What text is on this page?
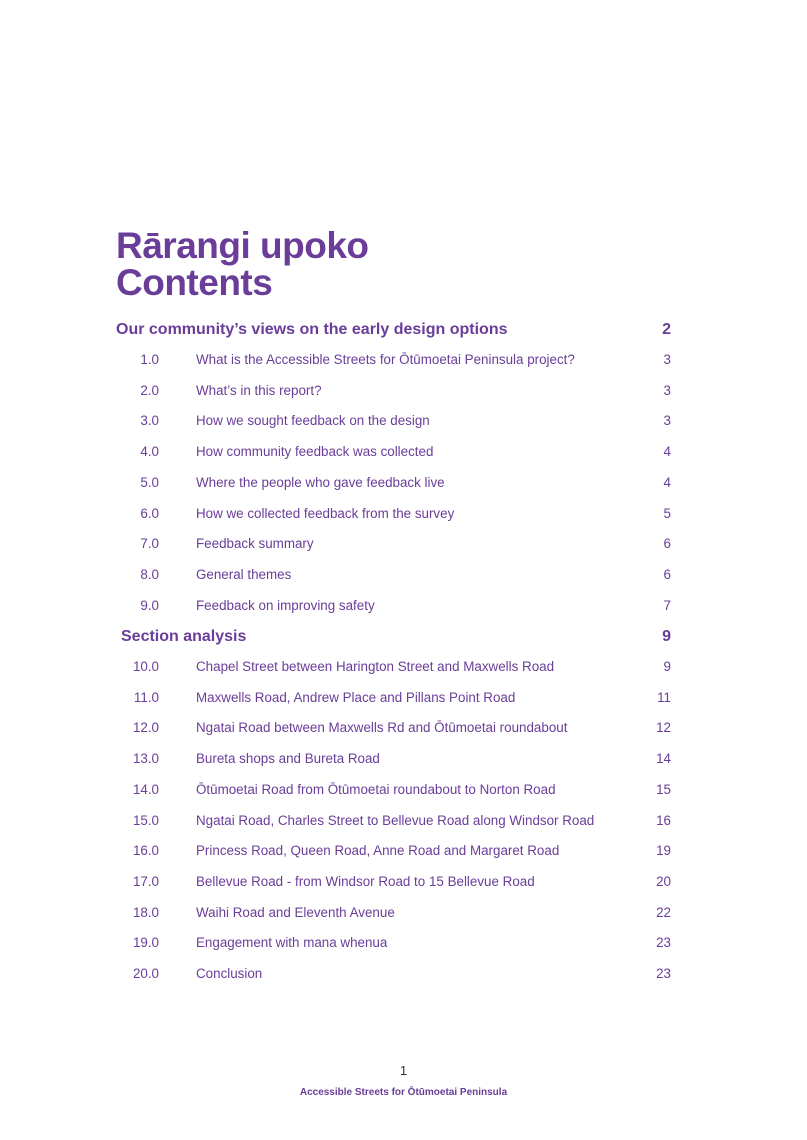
Rārangi upoko
Contents
Our community’s views on the early design options	2
1.0	What is the Accessible Streets for Ōtūmoetai Peninsula project?	3
2.0	What’s in this report?	3
3.0	How we sought feedback on the design	3
4.0	How community feedback was collected	4
5.0	Where the people who gave feedback live	4
6.0	How we collected feedback from the survey	5
7.0	Feedback summary	6
8.0	General themes	6
9.0	Feedback on improving safety	7
Section analysis	9
10.0	Chapel Street between Harington Street and Maxwells Road	9
11.0	Maxwells Road, Andrew Place and Pillans Point Road	11
12.0	Ngatai Road between Maxwells Rd and Ōtūmoetai roundabout	12
13.0	Bureta shops and Bureta Road	14
14.0	Ōtūmoetai Road from Ōtūmoetai roundabout to Norton Road	15
15.0	Ngatai Road, Charles Street to Bellevue Road along Windsor Road	16
16.0	Princess Road, Queen Road, Anne Road and Margaret Road	19
17.0	Bellevue Road - from Windsor Road to 15 Bellevue Road	20
18.0	Waihi Road and Eleventh Avenue	22
19.0	Engagement with mana whenua	23
20.0	Conclusion	23
1
Accessible Streets for Ōtūmoetai Peninsula
